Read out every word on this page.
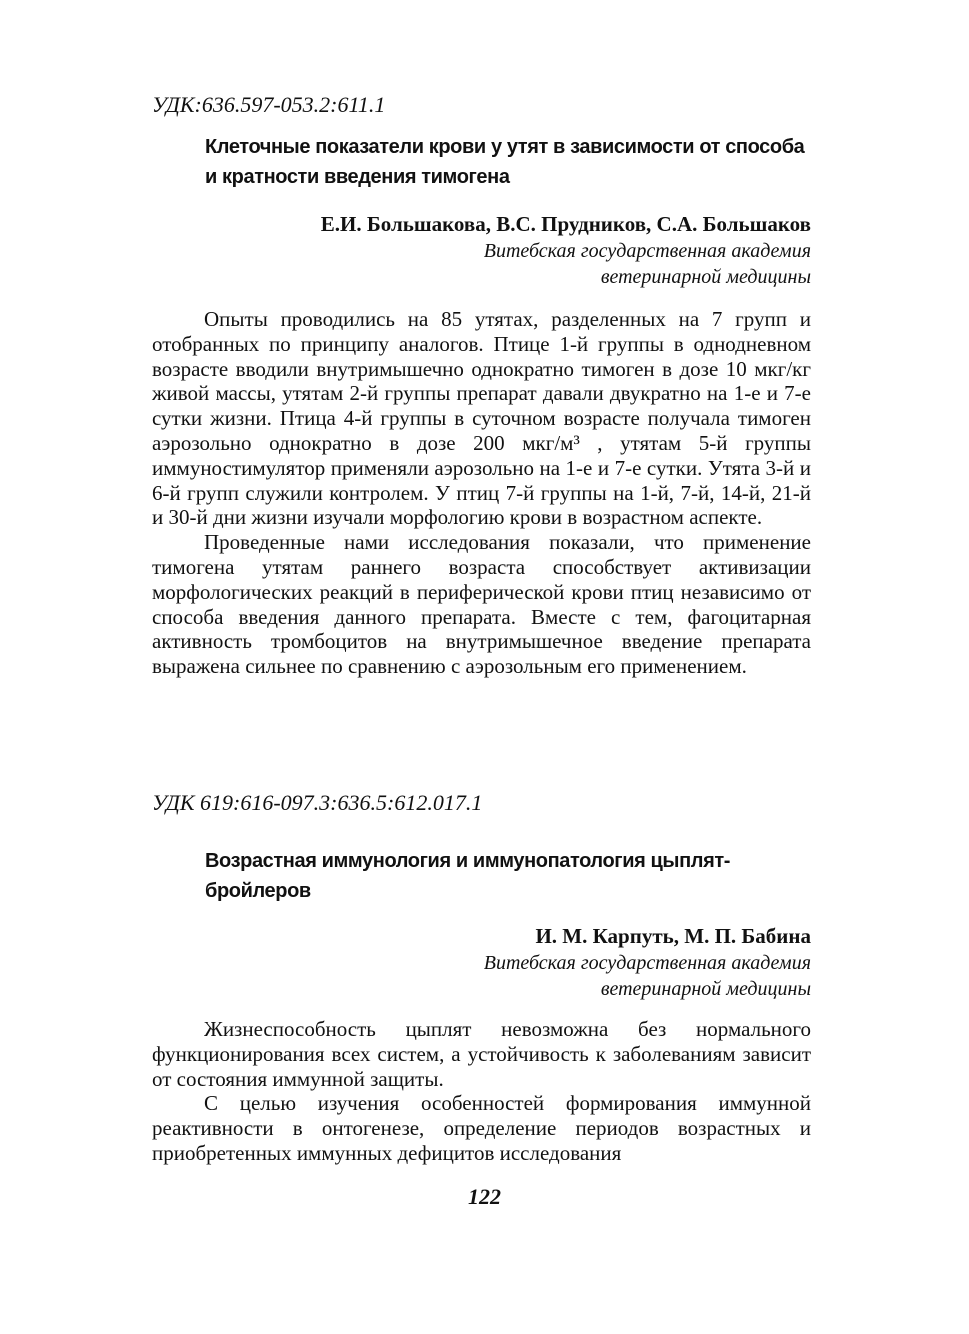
УДК:636.597-053.2:611.1

Клеточные показатели крови у утят в зависимости от способа и кратности введения тимогена

Е.И. Большакова, В.С. Прудников, С.А. Большаков

Витебская государственная академия
ветеринарной медицины

Опыты проводились на 85 утятах, разделенных на 7 групп и отобранных по принципу аналогов. Птице 1-й группы в однодневном возрасте вводили внутримышечно однократно тимоген в дозе 10 мкг/кг живой массы, утятам 2-й группы препарат давали двукратно на 1-е и 7-е сутки жизни. Птица 4-й группы в суточном возрасте получала тимоген аэрозольно однократно в дозе 200 мкг/м³ , утятам 5-й группы иммуностимулятор применяли аэрозольно на 1-е и 7-е сутки. Утята 3-й и 6-й групп служили контролем. У птиц 7-й группы на 1-й, 7-й, 14-й, 21-й и 30-й дни жизни изучали морфологию крови в возрастном аспекте.

Проведенные нами исследования показали, что применение тимогена утятам раннего возраста способствует активизации морфологических реакций в периферической крови птиц независимо от способа введения данного препарата. Вместе с тем, фагоцитарная активность тромбоцитов на внутримышечное введение препарата выражена сильнее по сравнению с аэрозольным его применением.

УДК 619:616-097.3:636.5:612.017.1

Возрастная иммунология и иммунопатология цыплят-бройлеров

И. М. Карпуть, М. П. Бабина

Витебская государственная академия
ветеринарной медицины

Жизнеспособность цыплят невозможна без нормального функционирования всех систем, а устойчивость к заболеваниям зависит от состояния иммунной защиты.

С целью изучения особенностей формирования иммунной реактивности в онтогенезе, определение периодов возрастных и приобретенных иммунных дефицитов исследования

122
